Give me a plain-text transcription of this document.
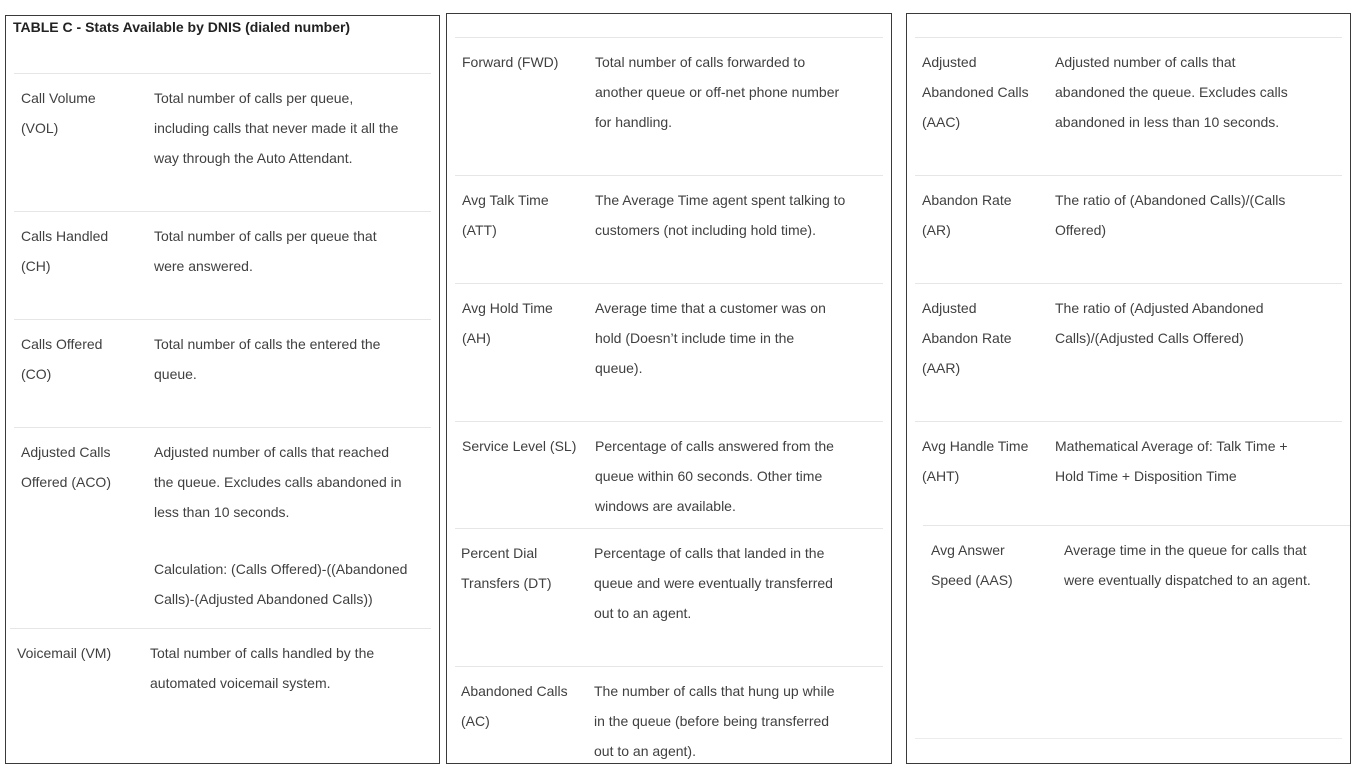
TABLE C - Stats Available by DNIS (dialed number)
Call Volume
(VOL)
Total number of calls per queue,
including calls that never made it all the
way through the Auto Attendant.
Calls Handled
(CH)
Total number of calls per queue that
were answered.
Calls Offered
(CO)
Total number of calls the entered the
queue.
Adjusted Calls
Offered (ACO)
Adjusted number of calls that reached
the queue. Excludes calls abandoned in
less than 10 seconds.
Calculation: (Calls Offered)-((Abandoned
Calls)-(Adjusted Abandoned Calls))
Voicemail (VM)	Total number of calls handled by the
automated voicemail system.
Forward (FWD)	Total number of calls forwarded to
another queue or off-net phone number
for handling.
Avg Talk Time
(ATT)
The Average Time agent spent talking to
customers (not including hold time).
Avg Hold Time
(AH)
Average time that a customer was on
hold (Doesn’t include time in the
queue).
Service Level (SL) Percentage of calls answered from the
queue within 60 seconds. Other time
windows are available.
Percent Dial
Transfers (DT)
Percentage of calls that landed in the
queue and were eventually transferred
out to an agent.
Abandoned Calls
(AC)
The number of calls that hung up while
in the queue (before being transferred
out to an agent).
Adjusted
Abandoned Calls
(AAC)
Adjusted number of calls that
abandoned the queue. Excludes calls
abandoned in less than 10 seconds.
Abandon Rate
(AR)
The ratio of (Abandoned Calls)/(Calls
Offered)
Adjusted
Abandon Rate
(AAR)
The ratio of (Adjusted Abandoned
Calls)/(Adjusted Calls Offered)
Avg Handle Time
(AHT)
Mathematical Average of: Talk Time +
Hold Time + Disposition Time
Avg Answer
Speed (AAS)
Average time in the queue for calls that
were eventually dispatched to an agent.
